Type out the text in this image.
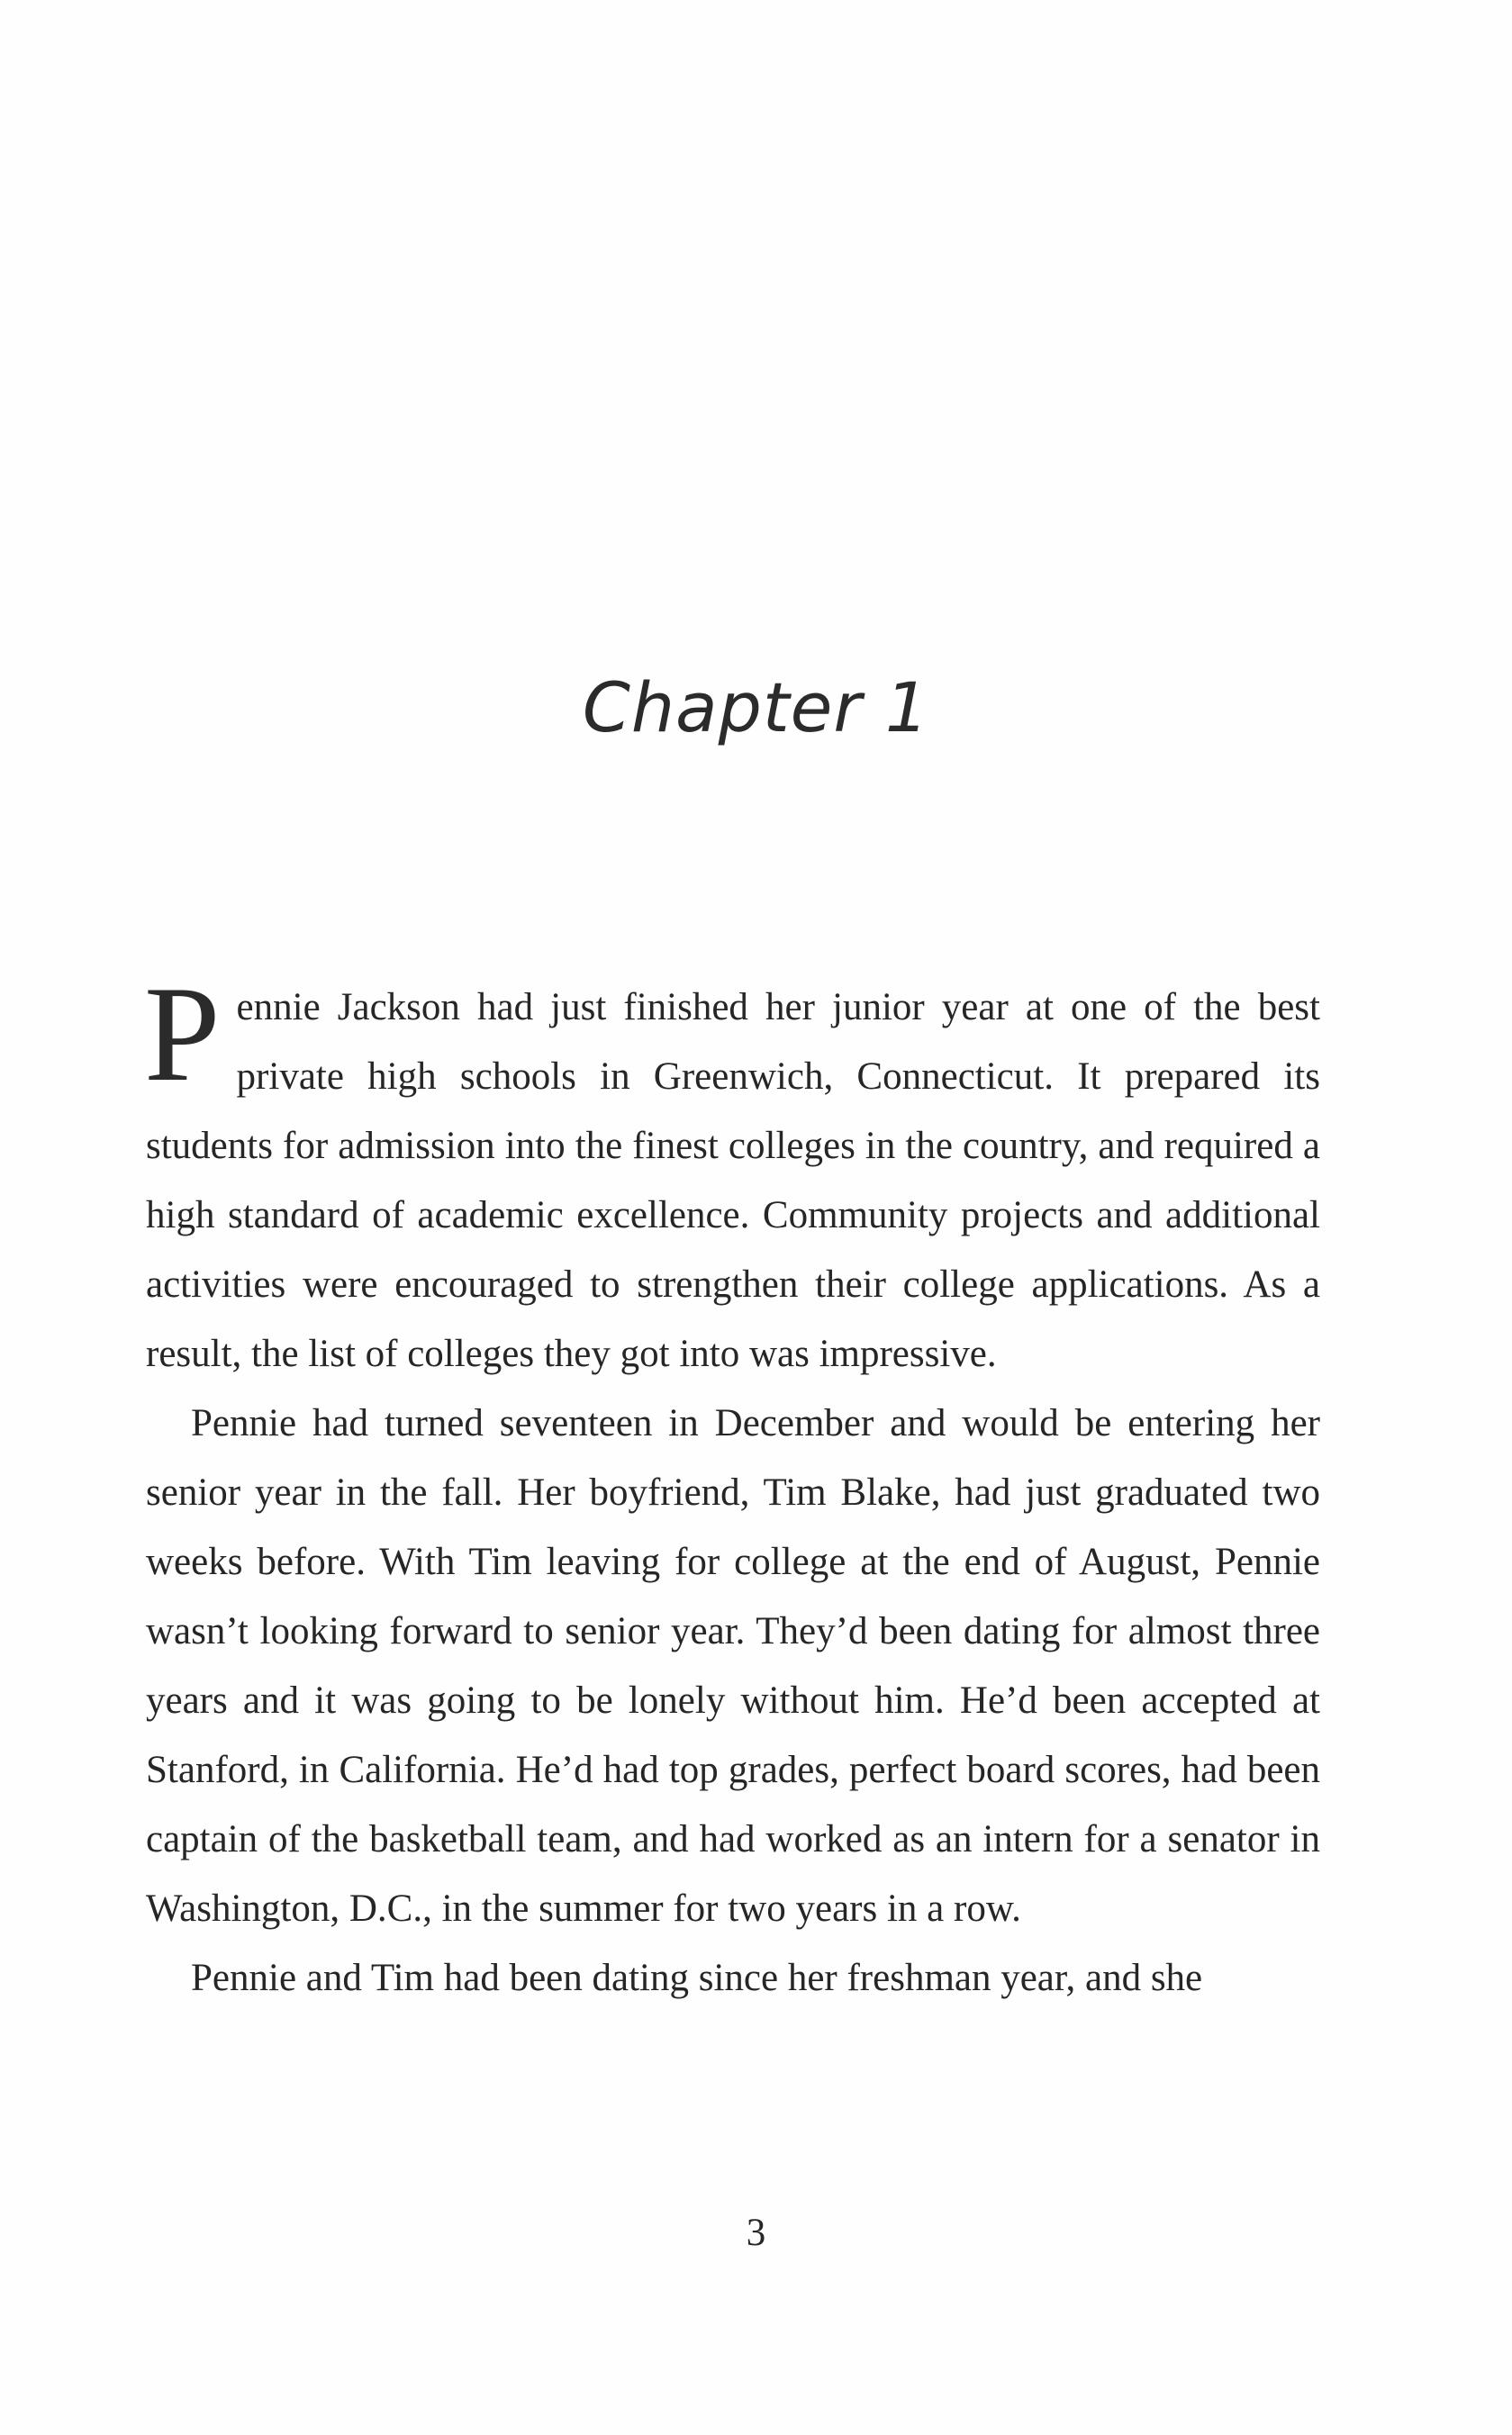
Chapter 1

Pennie Jackson had just finished her junior year at one of the best private high schools in Greenwich, Connecticut. It prepared its students for admission into the finest colleges in the country, and required a high standard of academic excellence. Community projects and additional activities were encouraged to strengthen their college applications. As a result, the list of colleges they got into was impressive.

Pennie had turned seventeen in December and would be entering her senior year in the fall. Her boyfriend, Tim Blake, had just graduated two weeks before. With Tim leaving for college at the end of August, Pennie wasn’t looking forward to senior year. They’d been dating for almost three years and it was going to be lonely without him. He’d been accepted at Stanford, in California. He’d had top grades, perfect board scores, had been captain of the basketball team, and had worked as an intern for a senator in Washington, D.C., in the summer for two years in a row.

Pennie and Tim had been dating since her freshman year, and she

3
